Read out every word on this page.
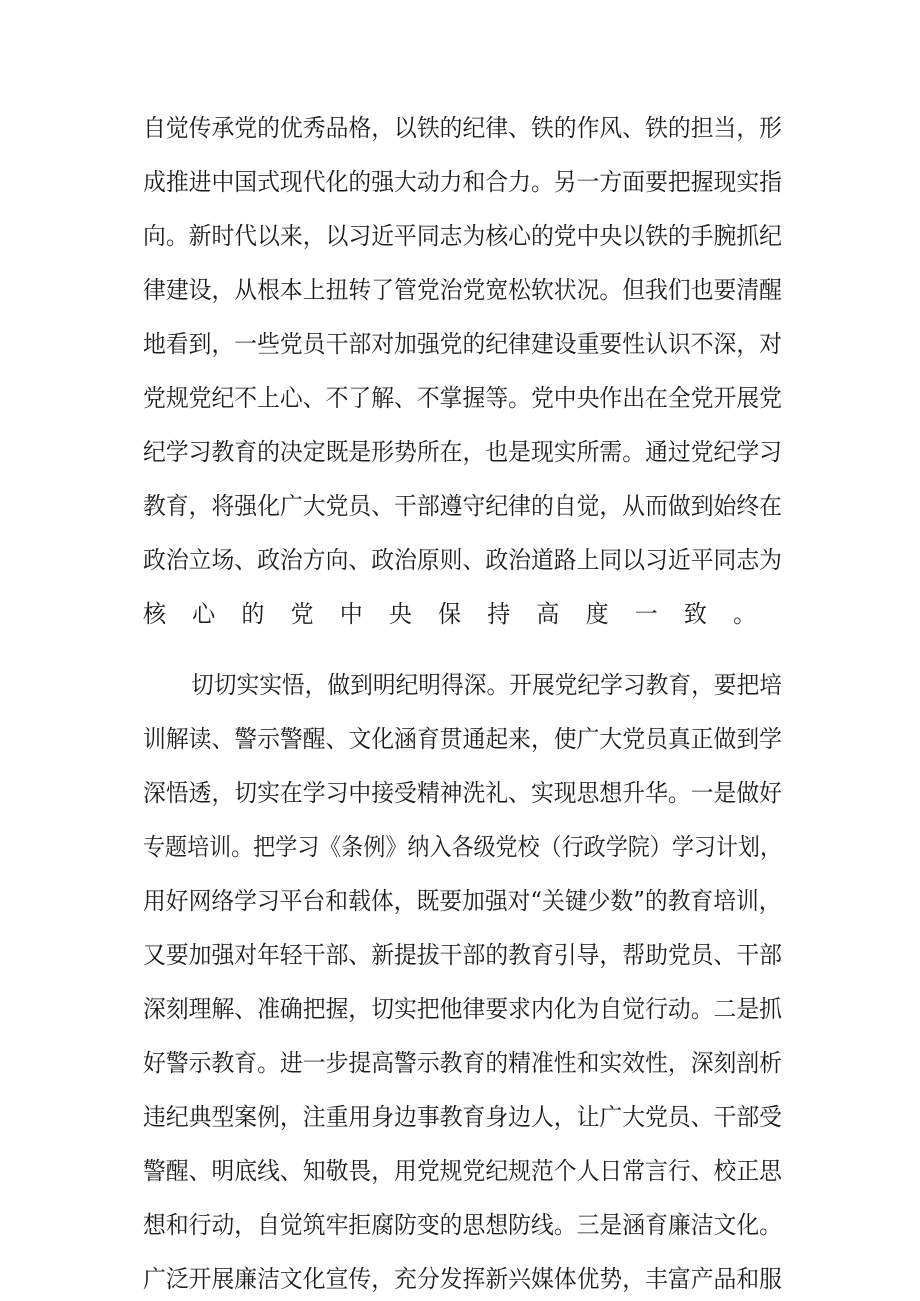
自觉传承党的优秀品格，以铁的纪律、铁的作风、铁的担当，形
成推进中国式现代化的强大动力和合力。另一方面要把握现实指
向。新时代以来，以习近平同志为核心的党中央以铁的手腕抓纪
律建设，从根本上扭转了管党治党宽松软状况。但我们也要清醒
地看到，一些党员干部对加强党的纪律建设重要性认识不深，对
党规党纪不上心、不了解、不掌握等。党中央作出在全党开展党
纪学习教育的决定既是形势所在，也是现实所需。通过党纪学习
教育，将强化广大党员、干部遵守纪律的自觉，从而做到始终在
政治立场、政治方向、政治原则、政治道路上同以习近平同志为
核心的党中央保持高度一致。
切切实实悟，做到明纪明得深。开展党纪学习教育，要把培
训解读、警示警醒、文化涵育贯通起来，使广大党员真正做到学
深悟透，切实在学习中接受精神洗礼、实现思想升华。一是做好
专题培训。把学习《条例》纳入各级党校（行政学院）学习计划，
用好网络学习平台和载体，既要加强对“关键少数”的教育培训，
又要加强对年轻干部、新提拔干部的教育引导，帮助党员、干部
深刻理解、准确把握，切实把他律要求内化为自觉行动。二是抓
好警示教育。进一步提高警示教育的精准性和实效性，深刻剖析
违纪典型案例，注重用身边事教育身边人，让广大党员、干部受
警醒、明底线、知敬畏，用党规党纪规范个人日常言行、校正思
想和行动，自觉筑牢拒腐防变的思想防线。三是涵育廉洁文化。
广泛开展廉洁文化宣传，充分发挥新兴媒体优势，丰富产品和服
